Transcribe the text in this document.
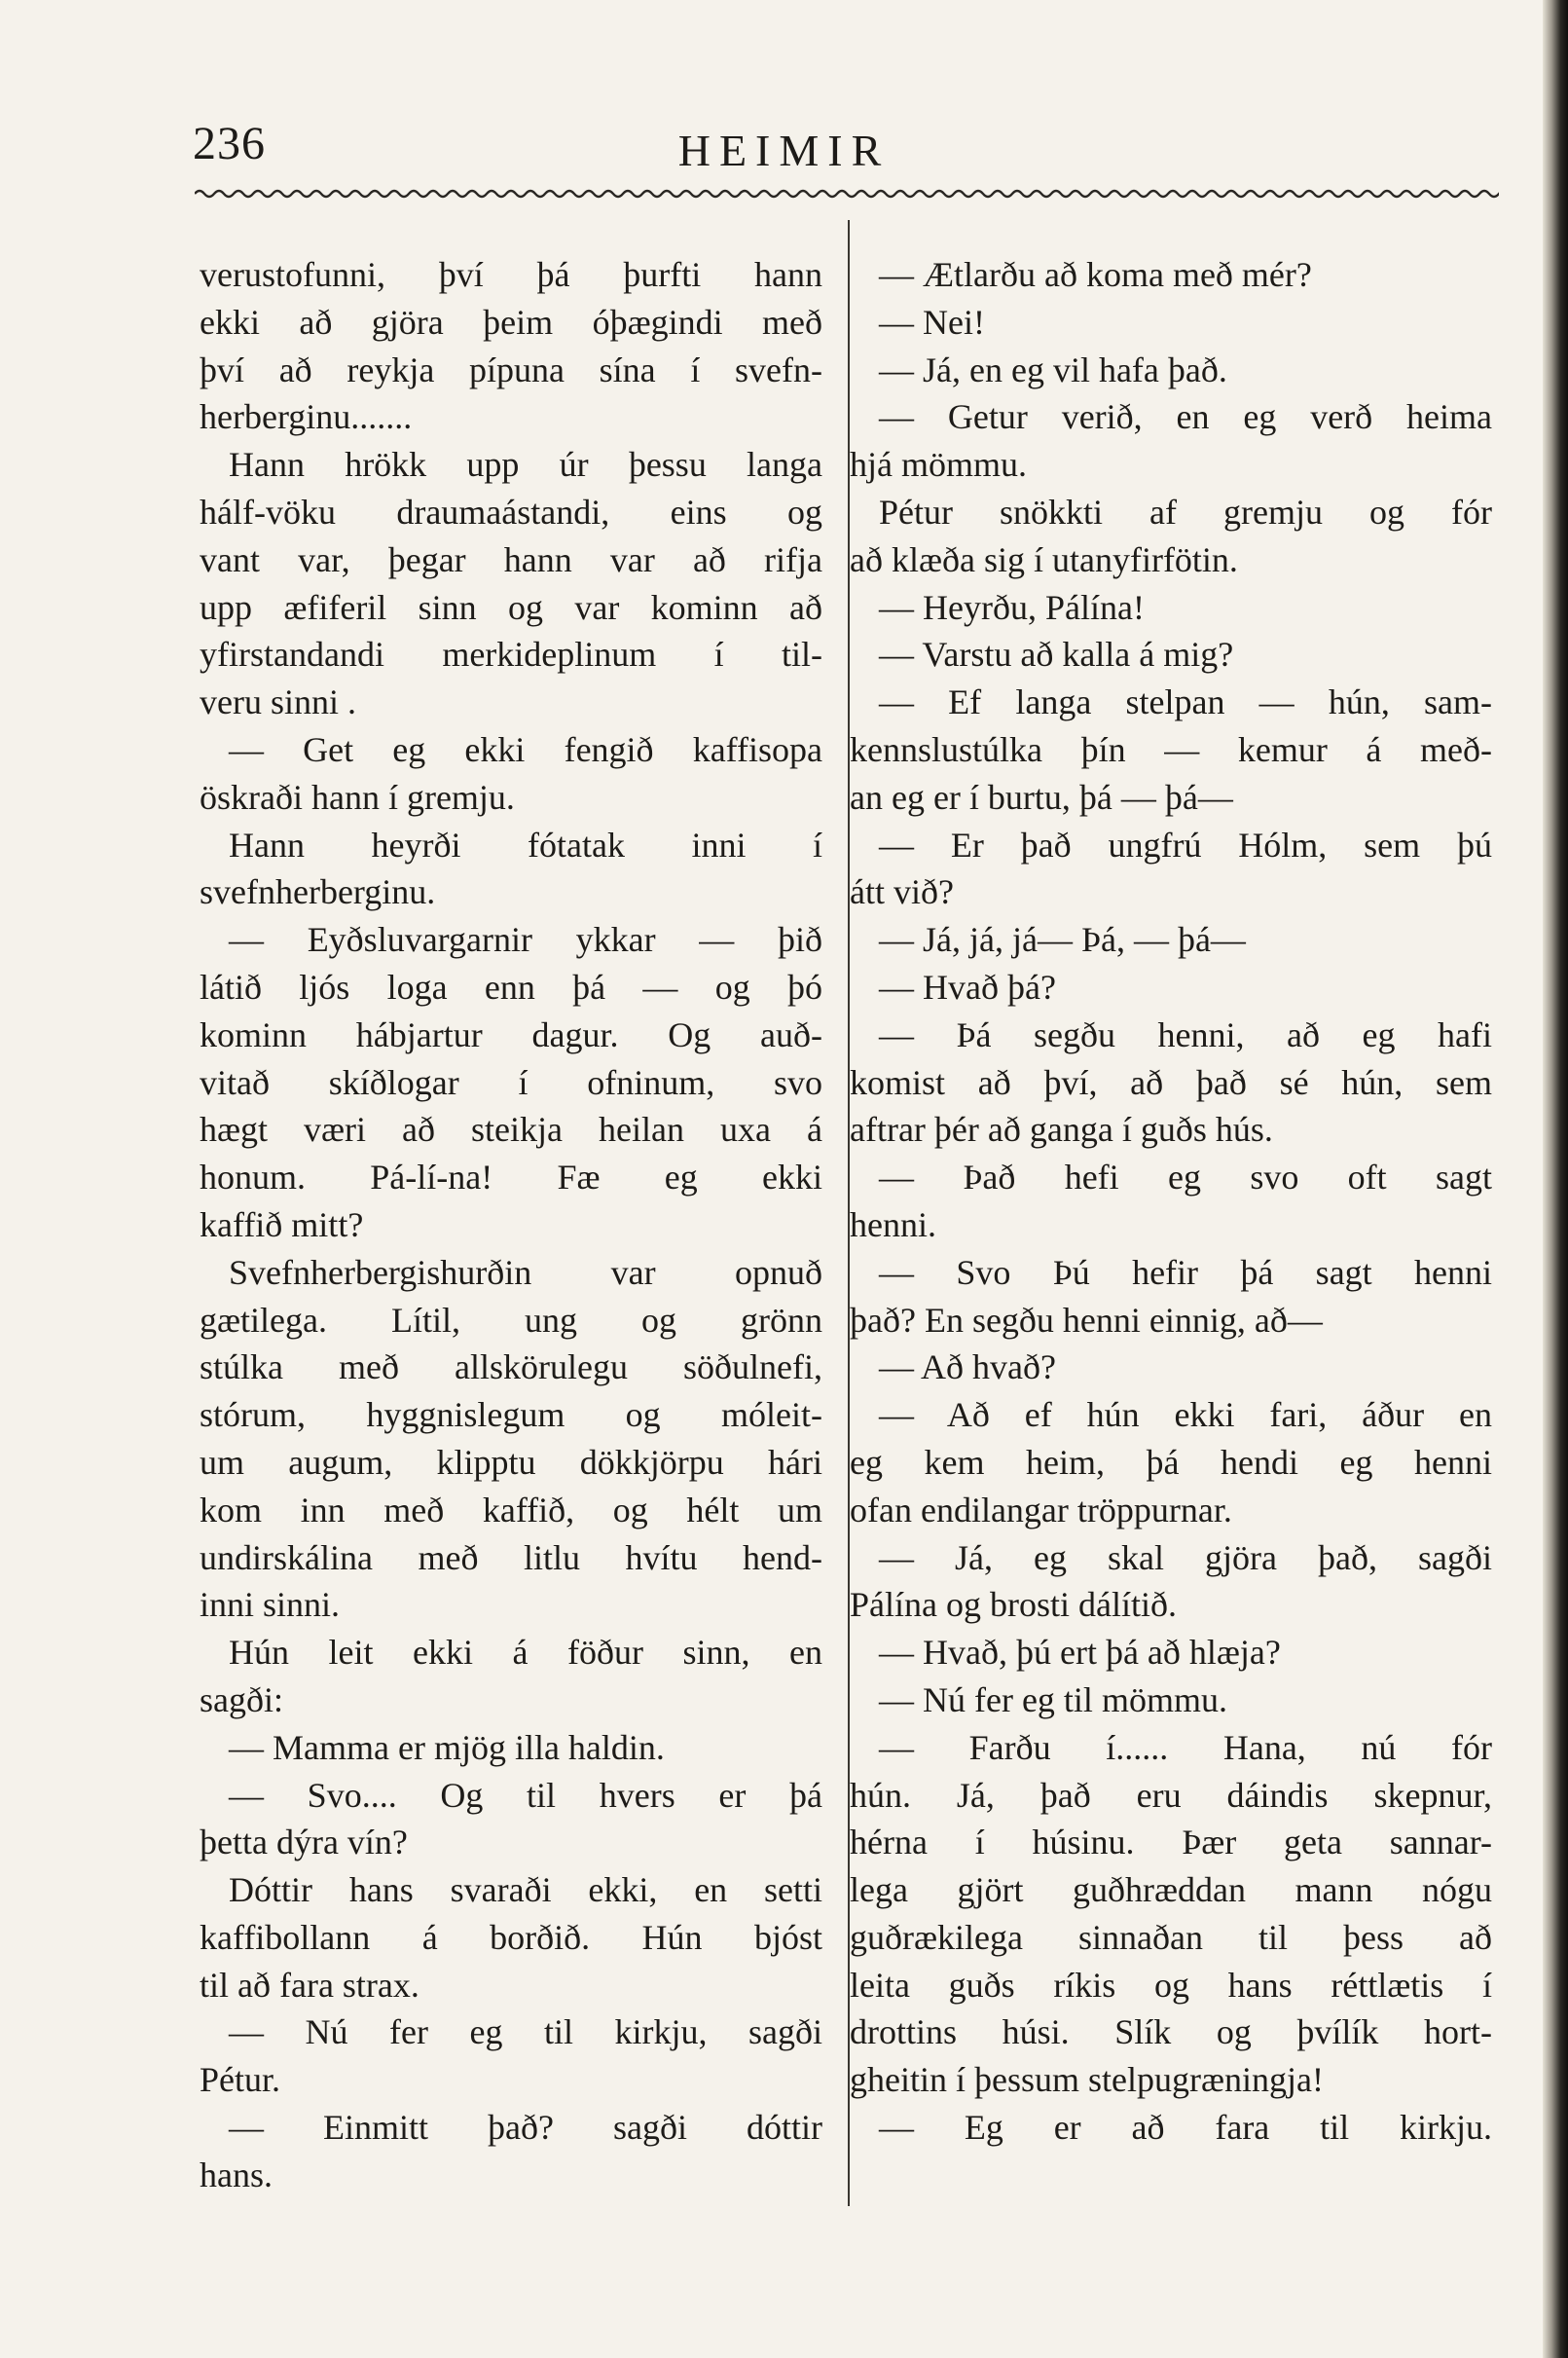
236	HEIMIR
verustofunni, því þá þurfti hann
ekki að gjöra þeim óþægindi með
því að reykja pípuna sína í svefn-
herberginu.......
Hann hrökk upp úr þessu langa
hálf-vöku draumaástandi, eins og
vant var, þegar hann var að rifja
upp æfiferil sinn og var kominn að
yfirstandandi merkideplinum í til-
veru sinni .
— Get eg ekki fengið kaffisopa
öskraði hann í gremju.
Hann heyrði fótatak inni í
svefnherberginu.
— Eyðsluvargarnir ykkar — þið
látið ljós loga enn þá — og þó
kominn hábjartur dagur. Og auð-
vitað skíðlogar í ofninum, svo
hægt væri að steikja heilan uxa á
honum. Pá-lí-na! Fæ eg ekki
kaffið mitt?
Svefnherbergishurðin var opnuð
gætilega. Lítil, ung og grönn
stúlka með allskörulegu söðulnefi,
stórum, hyggnislegum og móleit-
um augum, klipptu dökkjörpu hári
kom inn með kaffið, og hélt um
undirskálina með litlu hvítu hend-
inni sinni.
Hún leit ekki á föður sinn, en
sagði:
— Mamma er mjög illa haldin.
— Svo.... Og til hvers er þá
þetta dýra vín?
Dóttir hans svaraði ekki, en setti
kaffibollann á borðið. Hún bjóst
til að fara strax.
— Nú fer eg til kirkju, sagði
Pétur.
— Einmitt það? sagði dóttir
hans.
— Ætlarðu að koma með mér?
— Nei!
— Já, en eg vil hafa það.
— Getur verið, en eg verð heima
hjá mömmu.
Pétur snökkti af gremju og fór
að klæða sig í utanyfirfötin.
— Heyrðu, Pálína!
— Varstu að kalla á mig?
— Ef langa stelpan — hún, sam-
kennslustúlka þín — kemur á með-
an eg er í burtu, þá — þá—
— Er það ungfrú Hólm, sem þú
átt við?
— Já, já, já— Þá, — þá—
— Hvað þá?
— Þá segðu henni, að eg hafi
komist að því, að það sé hún, sem
aftrar þér að ganga í guðs hús.
— Það hefi eg svo oft sagt
henni.
— Svo Þú hefir þá sagt henni
það? En segðu henni einnig, að—
— Að hvað?
— Að ef hún ekki fari, áður en
eg kem heim, þá hendi eg henni
ofan endilangar tröppurnar.
— Já, eg skal gjöra það, sagði
Pálína og brosti dálítið.
— Hvað, þú ert þá að hlæja?
— Nú fer eg til mömmu.
— Farðu í...... Hana, nú fór
hún. Já, það eru dáindis skepnur,
hérna í húsinu. Þær geta sannar-
lega gjört guðhræddan mann nógu
guðrækilega sinnaðan til þess að
leita guðs ríkis og hans réttlætis í
drottins húsi. Slík og þvílík hort-
gheitin í þessum stelpugræningja!
— Eg er að fara til kirkju.
